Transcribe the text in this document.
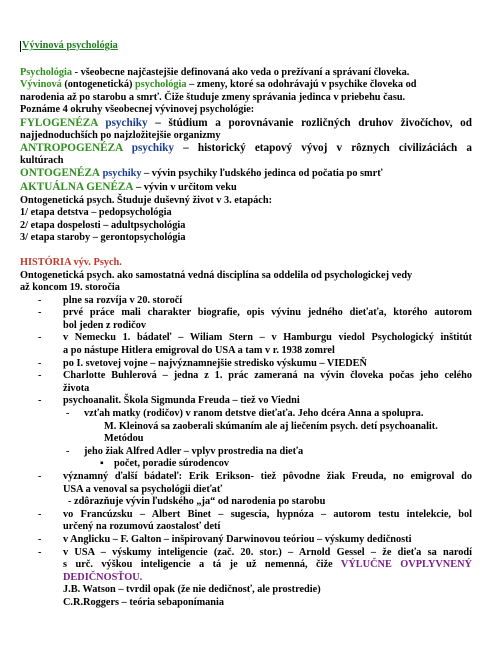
Vývinová psychológia

Psychológia - všeobecne najčastejšie definovaná ako veda o prežívaní a správaní človeka.

Vývinová (ontogenetická) psychológia – zmeny, ktoré sa odohrávajú v psychike človeka od

narodenia až po starobu a smrť. Čiže študuje zmeny správania jedinca v priebehu času.

Poznáme 4 okruhy všeobecnej vývinovej psychológie:

FYLOGENÉZA psychiky – štúdium a porovnávanie rozličných druhov živočíchov, od

najjednoduchších po najzložitejšie organizmy

ANTROPOGENÉZA psychiky – historický etapový vývoj v rôznych civilizáciách a

kultúrach

ONTOGENÉZA psychiky – vývin psychiky ľudského jedinca od počatia po smrť

AKTUÁLNA GENÉZA – vývin v určitom veku

Ontogenetická psych. Študuje duševný život v 3. etapách:

1/ etapa detstva – pedopsychológia

2/ etapa dospelosti – adultpsychológia

3/ etapa staroby – gerontopsychológia

HISTÓRIA výv. Psych.

Ontogenetická psych. ako samostatná vedná disciplína sa oddelila od psychologickej vedy

až koncom 19. storočia

- plne sa rozvíja v 20. storočí
- prvé práce mali charakter biografie, opis vývinu jedného dieťaťa, ktorého autorom
bol jeden z rodičov
- v Nemecku 1. bádateľ – Wiliam Stern – v Hamburgu viedol Psychologický inštitút
a po nástupe Hitlera emigroval do USA a tam v r. 1938 zomrel
- po I. svetovej vojne – najvýznamnejšie stredisko výskumu – VIEDEŇ
- Charlotte Buhlerová – jedna z 1. prác zameraná na vývin človeka počas jeho celého
života
- psychoanalit. Škola Sigmunda Freuda – tiež vo Viedni
- vzťah matky (rodičov) v ranom detstve dieťaťa. Jeho dcéra Anna a spolupra.
M. Kleinová sa zaoberali skúmaním ale aj liečením psych. detí psychoanalit.
Metódou
- jeho žiak Alfred Adler – vplyv prostredia na dieťa
▪ počet, poradie súrodencov
- významný ďalší bádateľ: Erik Erikson- tiež pôvodne žiak Freuda, no emigroval do
USA a venoval sa psychológii dieťať
- zdôrazňuje vývin ľudského „ja“ od narodenia po starobu
- vo Francúzsku – Albert Binet – sugescia, hypnóza – autorom testu intelekcie, bol
určený na rozumovú zaostalosť detí
- v Anglicku – F. Galton – inšpirovaný Darwinovou teóriou – výskumy dedičnosti
- v USA – výskumy inteligencie (zač. 20. stor.) – Arnold Gessel – že dieťa sa narodí
s urč. výškou inteligencie a tá je už nemenná, čiže VÝLUČNE OVPLYVNENÝ
DEDIČNOSŤOU.
J.B. Watson – tvrdil opak (že nie dedičnosť, ale prostredie)
C.R.Roggers – teória sebaponímania
